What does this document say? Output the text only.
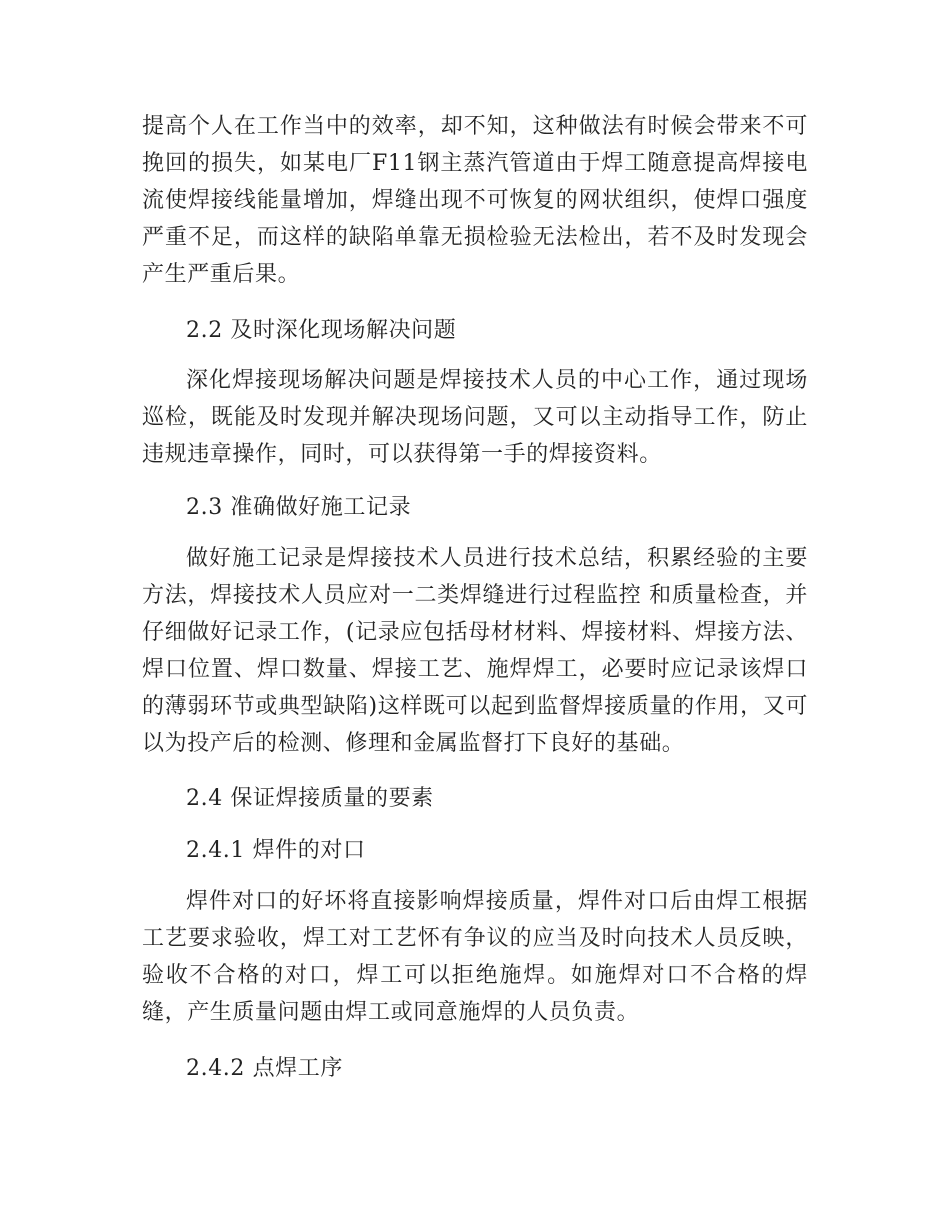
提高个人在工作当中的效率，却不知，这种做法有时候会带来不可挽回的损失，如某电厂F11钢主蒸汽管道由于焊工随意提高焊接电流使焊接线能量增加，焊缝出现不可恢复的网状组织，使焊口强度严重不足，而这样的缺陷单靠无损检验无法检出，若不及时发现会产生严重后果。

2.2 及时深化现场解决问题

深化焊接现场解决问题是焊接技术人员的中心工作，通过现场巡检，既能及时发现并解决现场问题，又可以主动指导工作，防止违规违章操作，同时，可以获得第一手的焊接资料。

2.3 准确做好施工记录

做好施工记录是焊接技术人员进行技术总结，积累经验的主要方法，焊接技术人员应对一二类焊缝进行过程监控 和质量检查，并仔细做好记录工作，(记录应包括母材材料、焊接材料、焊接方法、焊口位置、焊口数量、焊接工艺、施焊焊工，必要时应记录该焊口的薄弱环节或典型缺陷)这样既可以起到监督焊接质量的作用，又可以为投产后的检测、修理和金属监督打下良好的基础。

2.4 保证焊接质量的要素

2.4.1 焊件的对口

焊件对口的好坏将直接影响焊接质量，焊件对口后由焊工根据工艺要求验收，焊工对工艺怀有争议的应当及时向技术人员反映，验收不合格的对口，焊工可以拒绝施焊。如施焊对口不合格的焊缝，产生质量问题由焊工或同意施焊的人员负责。

2.4.2 点焊工序
